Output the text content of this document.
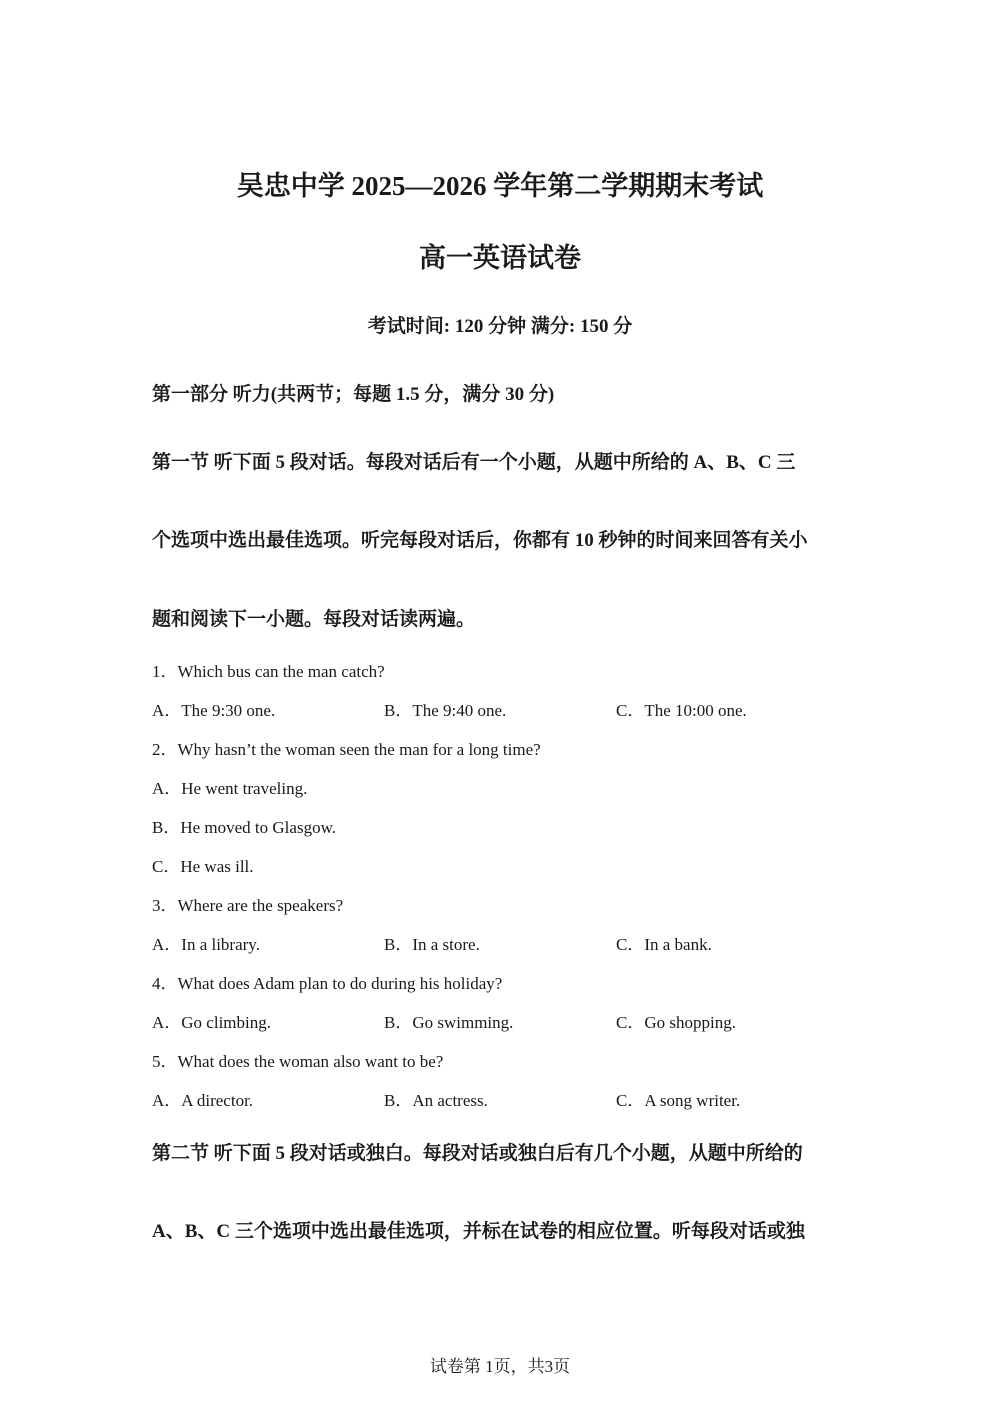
吴忠中学 2025—2026 学年第二学期期末考试
高一英语试卷
考试时间: 120 分钟 满分: 150 分
第一部分 听力(共两节；每题 1.5 分，满分 30 分)
第一节 听下面 5 段对话。每段对话后有一个小题，从题中所给的 A、B、C 三
个选项中选出最佳选项。听完每段对话后，你都有 10 秒钟的时间来回答有关小
题和阅读下一小题。每段对话读两遍。
1．Which bus can the man catch?
A．The 9:30 one.	B．The 9:40 one.	C．The 10:00 one.
2．Why hasn’t the woman seen the man for a long time?
A．He went traveling.
B．He moved to Glasgow.
C．He was ill.
3．Where are the speakers?
A．In a library.	B．In a store.	C．In a bank.
4．What does Adam plan to do during his holiday?
A．Go climbing.	B．Go swimming.	C．Go shopping.
5．What does the woman also want to be?
A．A director.	B．An actress.	C．A song writer.
第二节 听下面 5 段对话或独白。每段对话或独白后有几个小题，从题中所给的
A、B、C 三个选项中选出最佳选项，并标在试卷的相应位置。听每段对话或独
试卷第 1页，共3页
